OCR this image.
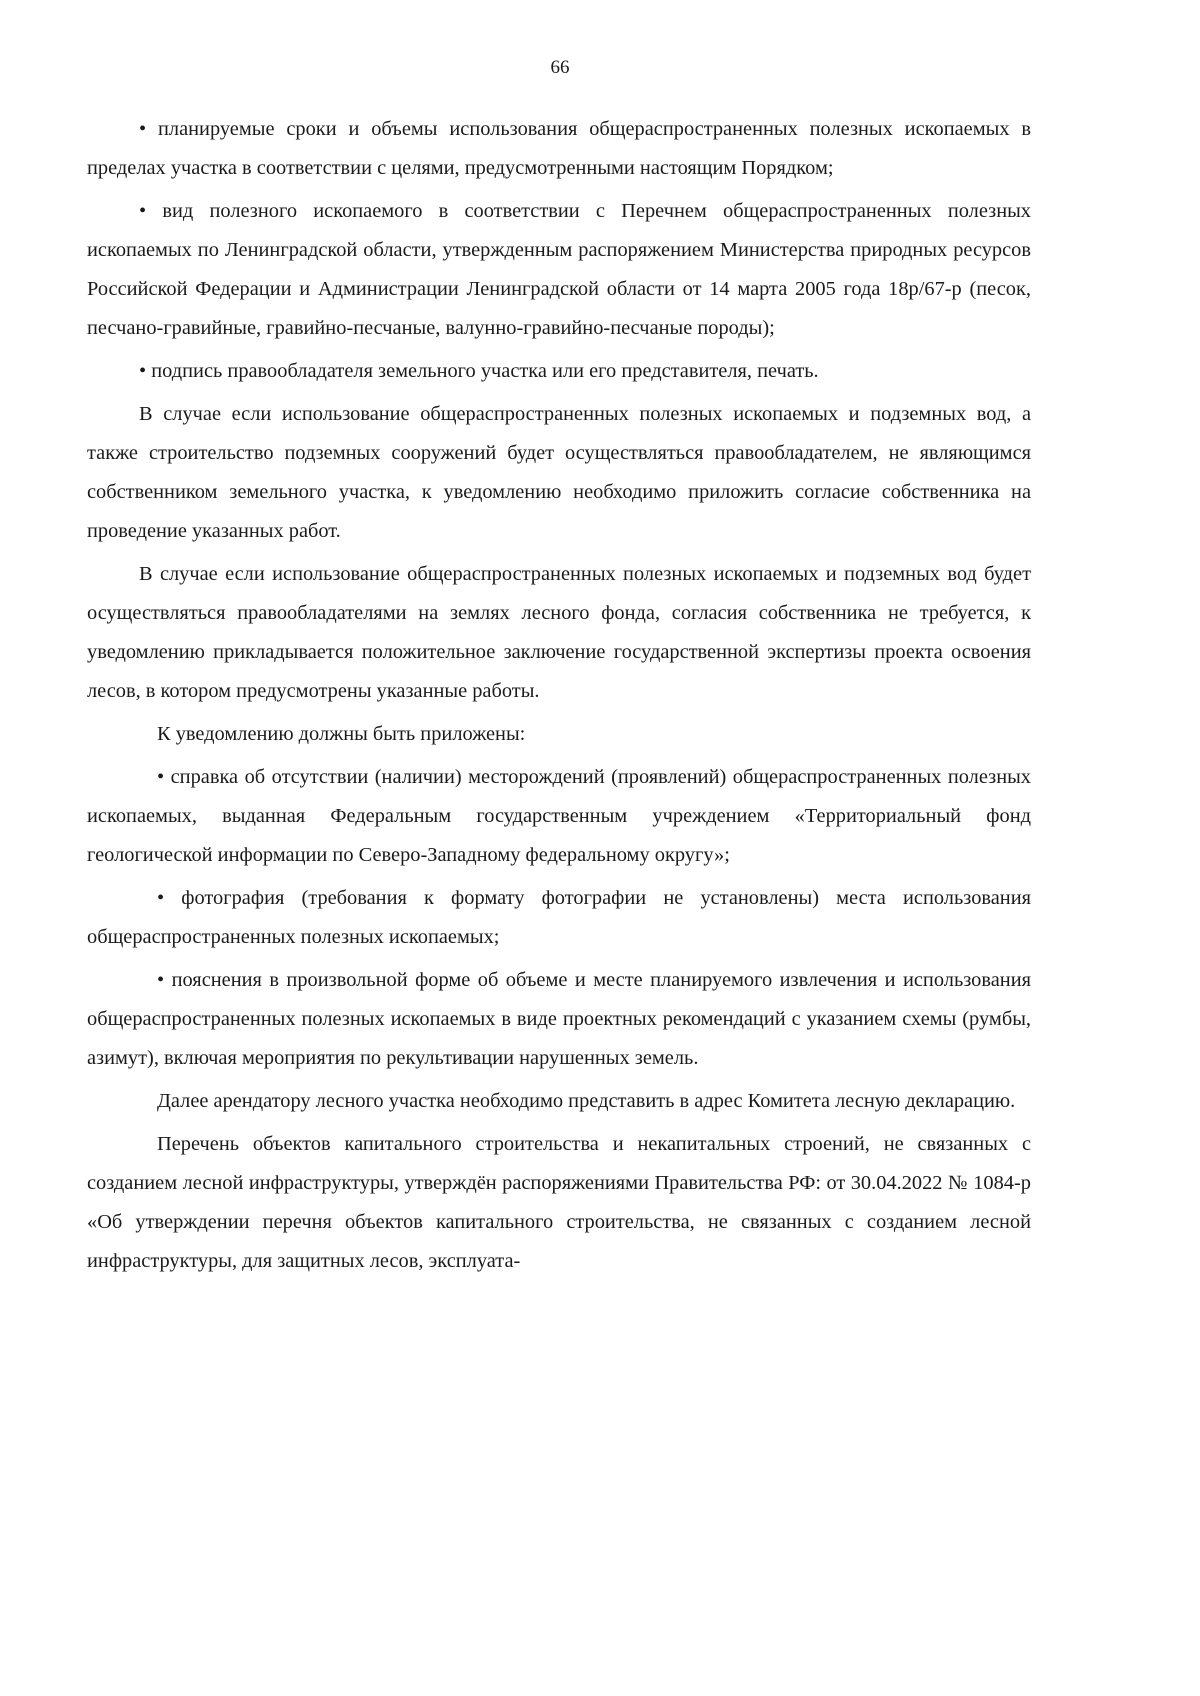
66

• планируемые сроки и объемы использования общераспространенных полезных ископаемых в пределах участка в соответствии с целями, предусмотренными настоящим Порядком;

• вид полезного ископаемого в соответствии с Перечнем общераспространенных полезных ископаемых по Ленинградской области, утвержденным распоряжением Министерства природных ресурсов Российской Федерации и Администрации Ленинградской области от 14 марта 2005 года 18р/67-р (песок, песчано-гравийные, гравийно-песчаные, валунно-гравийно-песчаные породы);

• подпись правообладателя земельного участка или его представителя, печать.

В случае если использование общераспространенных полезных ископаемых и подземных вод, а также строительство подземных сооружений будет осуществляться правообладателем, не являющимся собственником земельного участка, к уведомлению необходимо приложить согласие собственника на проведение указанных работ.

В случае если использование общераспространенных полезных ископаемых и подземных вод будет осуществляться правообладателями на землях лесного фонда, согласия собственника не требуется, к уведомлению прикладывается положительное заключение государственной экспертизы проекта освоения лесов, в котором предусмотрены указанные работы.

К уведомлению должны быть приложены:

• справка об отсутствии (наличии) месторождений (проявлений) общераспространенных полезных ископаемых, выданная Федеральным государственным учреждением «Территориальный фонд геологической информации по Северо-Западному федеральному округу»;

• фотография (требования к формату фотографии не установлены) места использования общераспространенных полезных ископаемых;

• пояснения в произвольной форме об объеме и месте планируемого извлечения и использования общераспространенных полезных ископаемых в виде проектных рекомендаций с указанием схемы (румбы, азимут), включая мероприятия по рекультивации нарушенных земель.

Далее арендатору лесного участка необходимо представить в адрес Комитета лесную декларацию.

Перечень объектов капитального строительства и некапитальных строений, не связанных с созданием лесной инфраструктуры, утверждён распоряжениями Правительства РФ: от 30.04.2022 № 1084-р «Об утверждении перечня объектов капитального строительства, не связанных с созданием лесной инфраструктуры, для защитных лесов, эксплуата-
